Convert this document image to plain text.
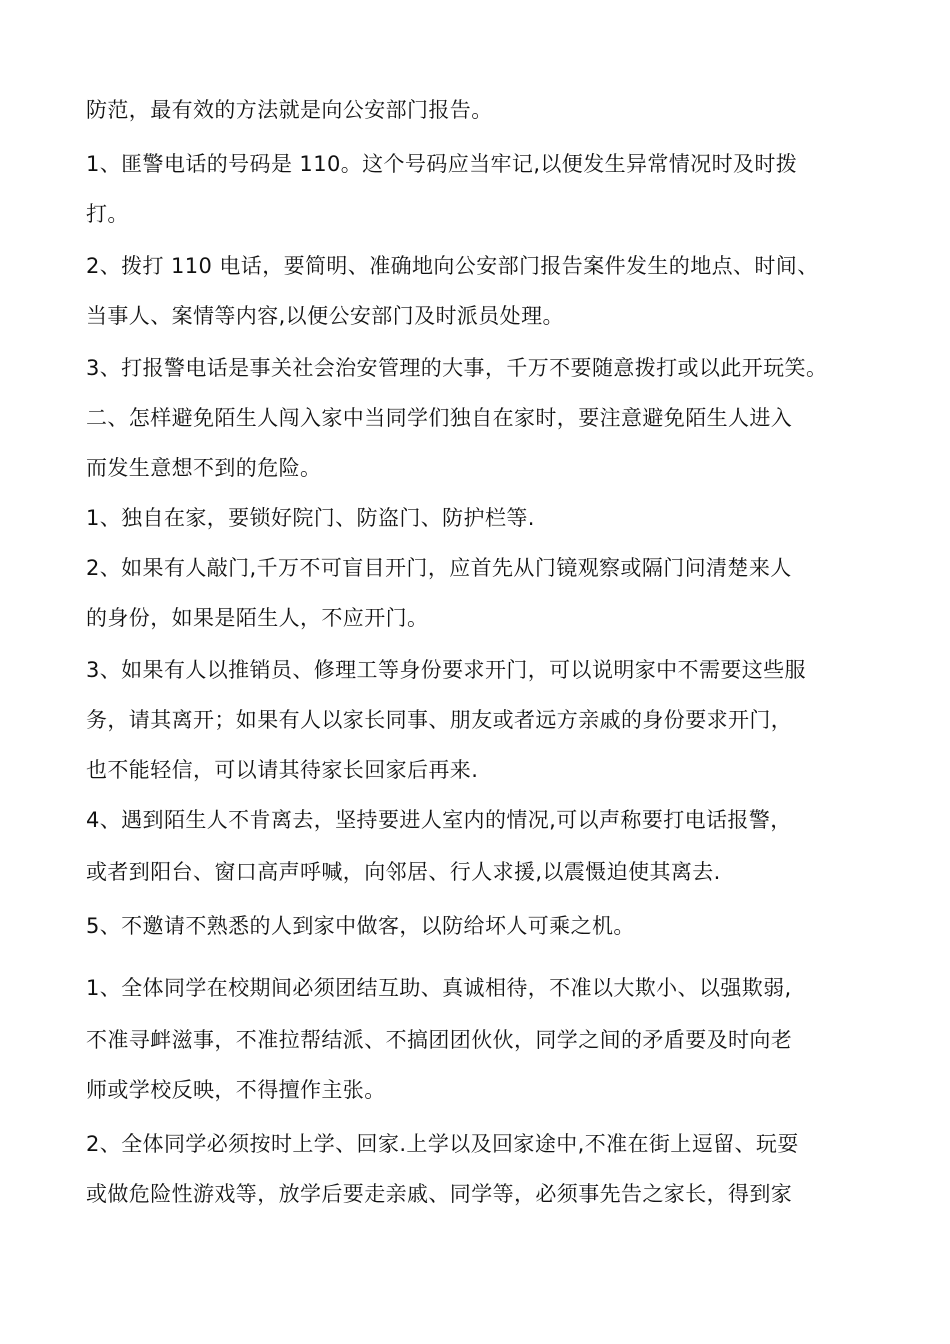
防范，最有效的方法就是向公安部门报告。

1、匪警电话的号码是 110。这个号码应当牢记,以便发生异常情况时及时拨

打。

2、拨打 110 电话，要简明、准确地向公安部门报告案件发生的地点、时间、

当事人、案情等内容,以便公安部门及时派员处理。

3、打报警电话是事关社会治安管理的大事，千万不要随意拨打或以此开玩笑。

二、怎样避免陌生人闯入家中当同学们独自在家时，要注意避免陌生人进入

而发生意想不到的危险。

1、独自在家，要锁好院门、防盗门、防护栏等.

2、如果有人敲门,千万不可盲目开门，应首先从门镜观察或隔门问清楚来人

的身份，如果是陌生人，不应开门。

3、如果有人以推销员、修理工等身份要求开门，可以说明家中不需要这些服

务，请其离开；如果有人以家长同事、朋友或者远方亲戚的身份要求开门，

也不能轻信，可以请其待家长回家后再来.

4、遇到陌生人不肯离去，坚持要进人室内的情况,可以声称要打电话报警，

或者到阳台、窗口高声呼喊，向邻居、行人求援,以震慑迫使其离去.

5、不邀请不熟悉的人到家中做客，以防给坏人可乘之机。

1、全体同学在校期间必须团结互助、真诚相待，不准以大欺小、以强欺弱,

不准寻衅滋事，不准拉帮结派、不搞团团伙伙，同学之间的矛盾要及时向老

师或学校反映，不得擅作主张。

2、全体同学必须按时上学、回家.上学以及回家途中,不准在街上逗留、玩耍

或做危险性游戏等，放学后要走亲戚、同学等，必须事先告之家长，得到家
